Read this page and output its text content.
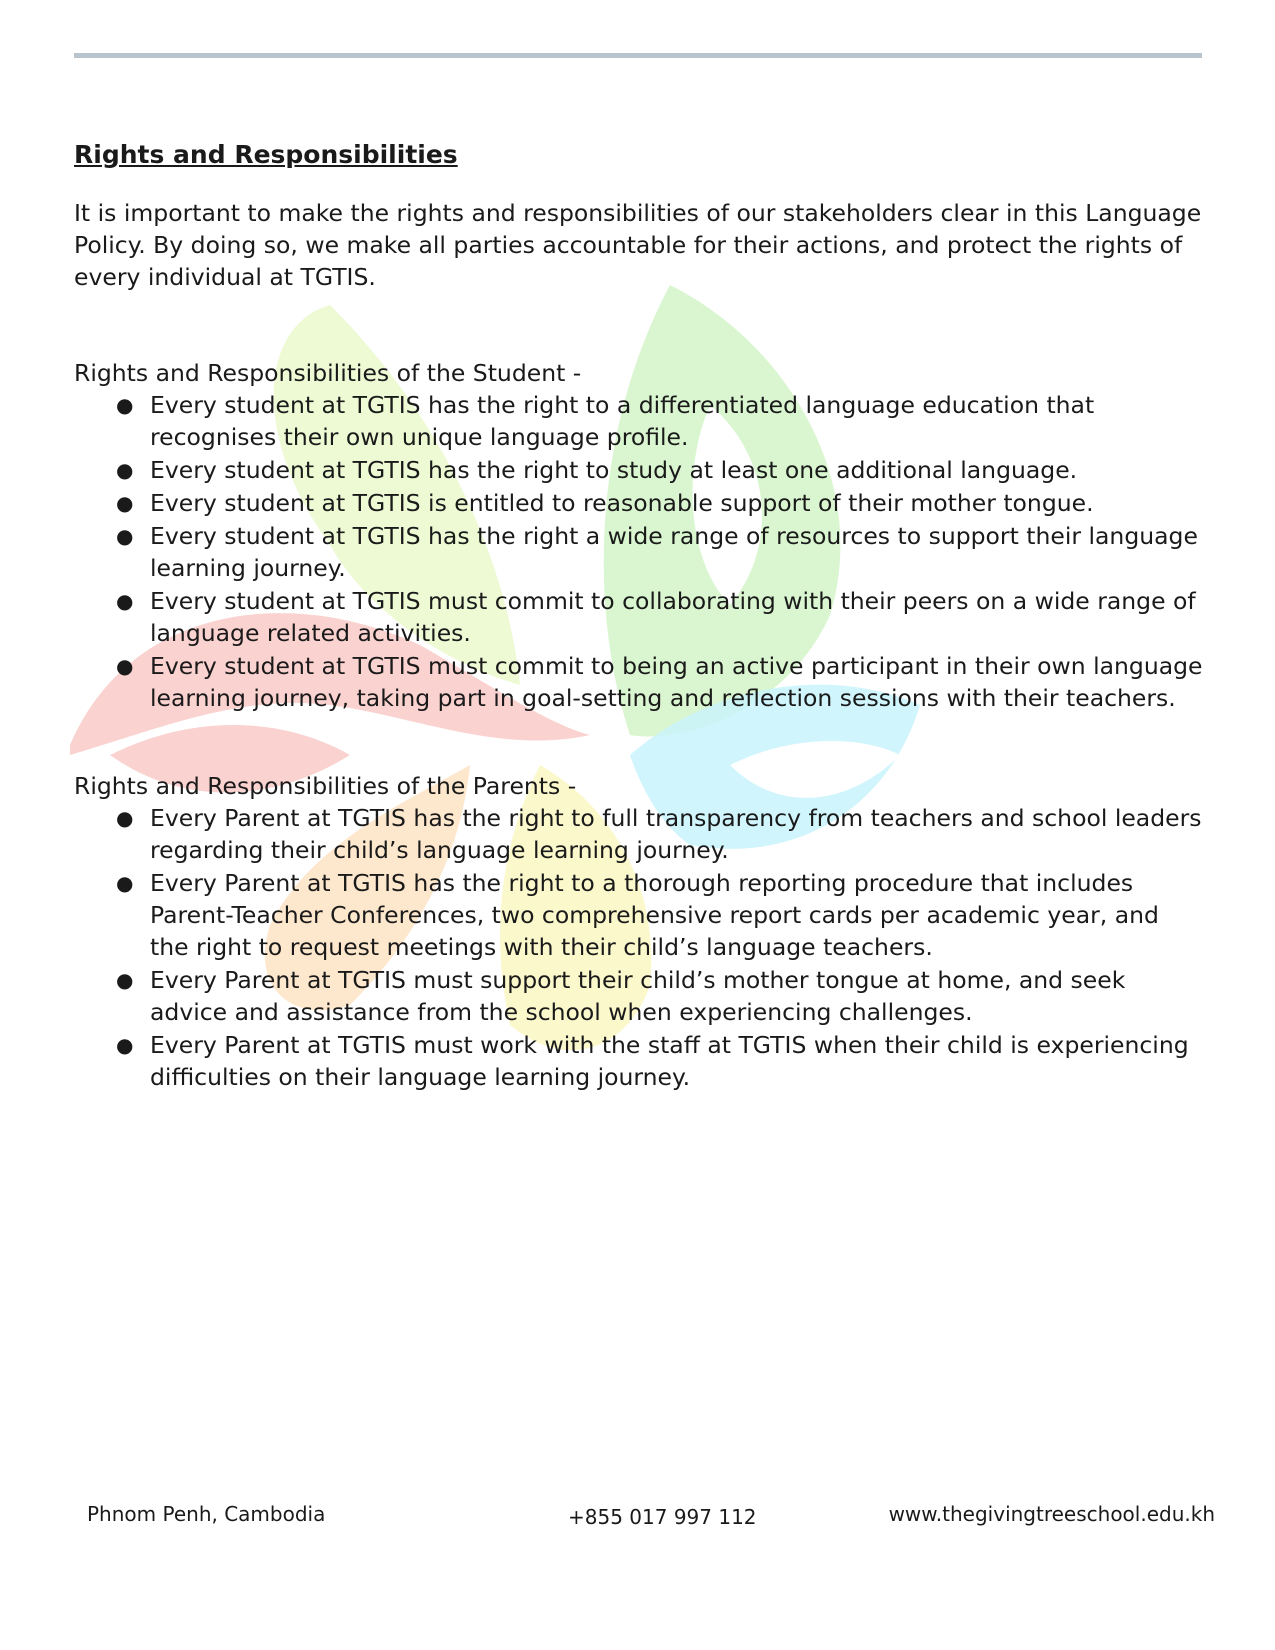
Rights and Responsibilities

It is important to make the rights and responsibilities of our stakeholders clear in this Language Policy. By doing so, we make all parties accountable for their actions, and protect the rights of every individual at TGTIS.

Rights and Responsibilities of the Student -

● Every student at TGTIS has the right to a differentiated language education that recognises their own unique language profile.
● Every student at TGTIS has the right to study at least one additional language.
● Every student at TGTIS is entitled to reasonable support of their mother tongue.
● Every student at TGTIS has the right a wide range of resources to support their language learning journey.
● Every student at TGTIS must commit to collaborating with their peers on a wide range of language related activities.
● Every student at TGTIS must commit to being an active participant in their own language learning journey, taking part in goal-setting and reflection sessions with their teachers.

Rights and Responsibilities of the Parents -

● Every Parent at TGTIS has the right to full transparency from teachers and school leaders regarding their child’s language learning journey.
● Every Parent at TGTIS has the right to a thorough reporting procedure that includes Parent-Teacher Conferences, two comprehensive report cards per academic year, and the right to request meetings with their child’s language teachers.
● Every Parent at TGTIS must support their child’s mother tongue at home, and seek advice and assistance from the school when experiencing challenges.
● Every Parent at TGTIS must work with the staff at TGTIS when their child is experiencing difficulties on their language learning journey.
Phnom Penh, Cambodia	+855 017 997 112	www.thegivingtreeschool.edu.kh
